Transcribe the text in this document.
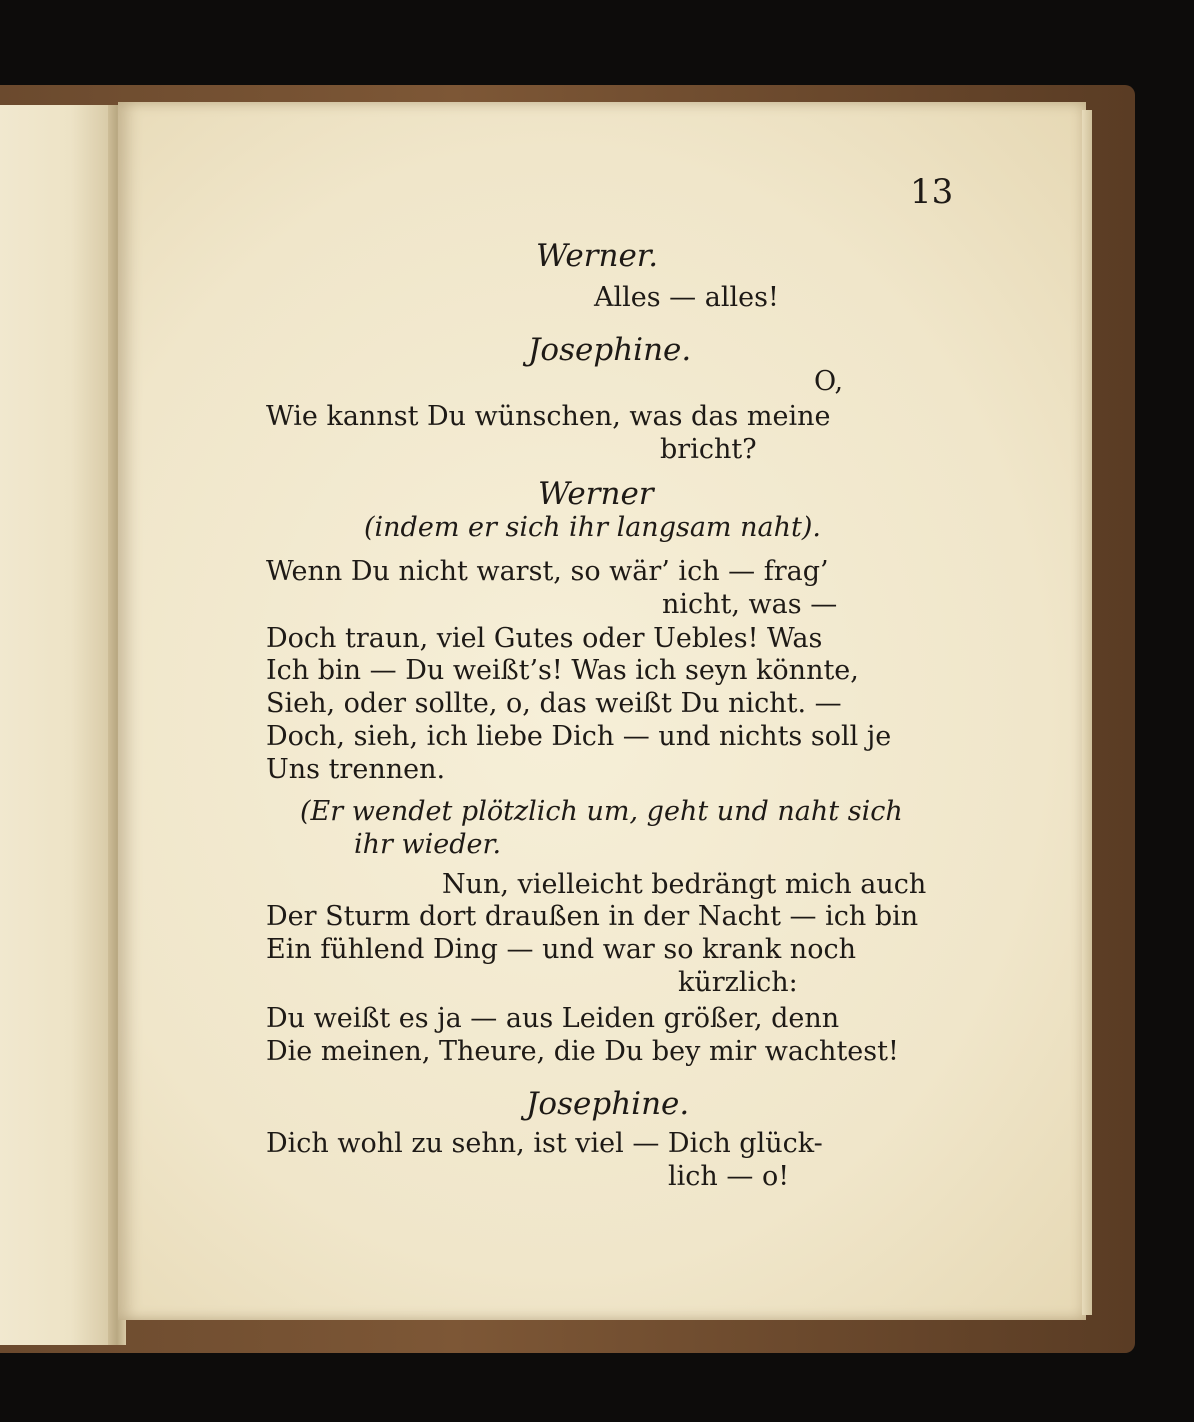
13
Werner.
Alles — alles!
Josephine.
O,
Wie kannst Du wünschen, was das meine
bricht?
Werner
(indem er sich ihr langsam naht).
Wenn Du nicht warst, so wär’ ich — frag’
nicht, was —
Doch traun, viel Gutes oder Uebles! Was
Ich bin — Du weißt’s! Was ich seyn könnte,
Sieh, oder sollte, o, das weißt Du nicht. —
Doch, sieh, ich liebe Dich — und nichts soll je
Uns trennen.
(Er wendet plötzlich um, geht und naht sich
ihr wieder.
Nun, vielleicht bedrängt mich auch
Der Sturm dort draußen in der Nacht — ich bin
Ein fühlend Ding — und war so krank noch
kürzlich:
Du weißt es ja — aus Leiden größer, denn
Die meinen, Theure, die Du bey mir wachtest!
Josephine.
Dich wohl zu sehn, ist viel — Dich glück-
lich — o!
